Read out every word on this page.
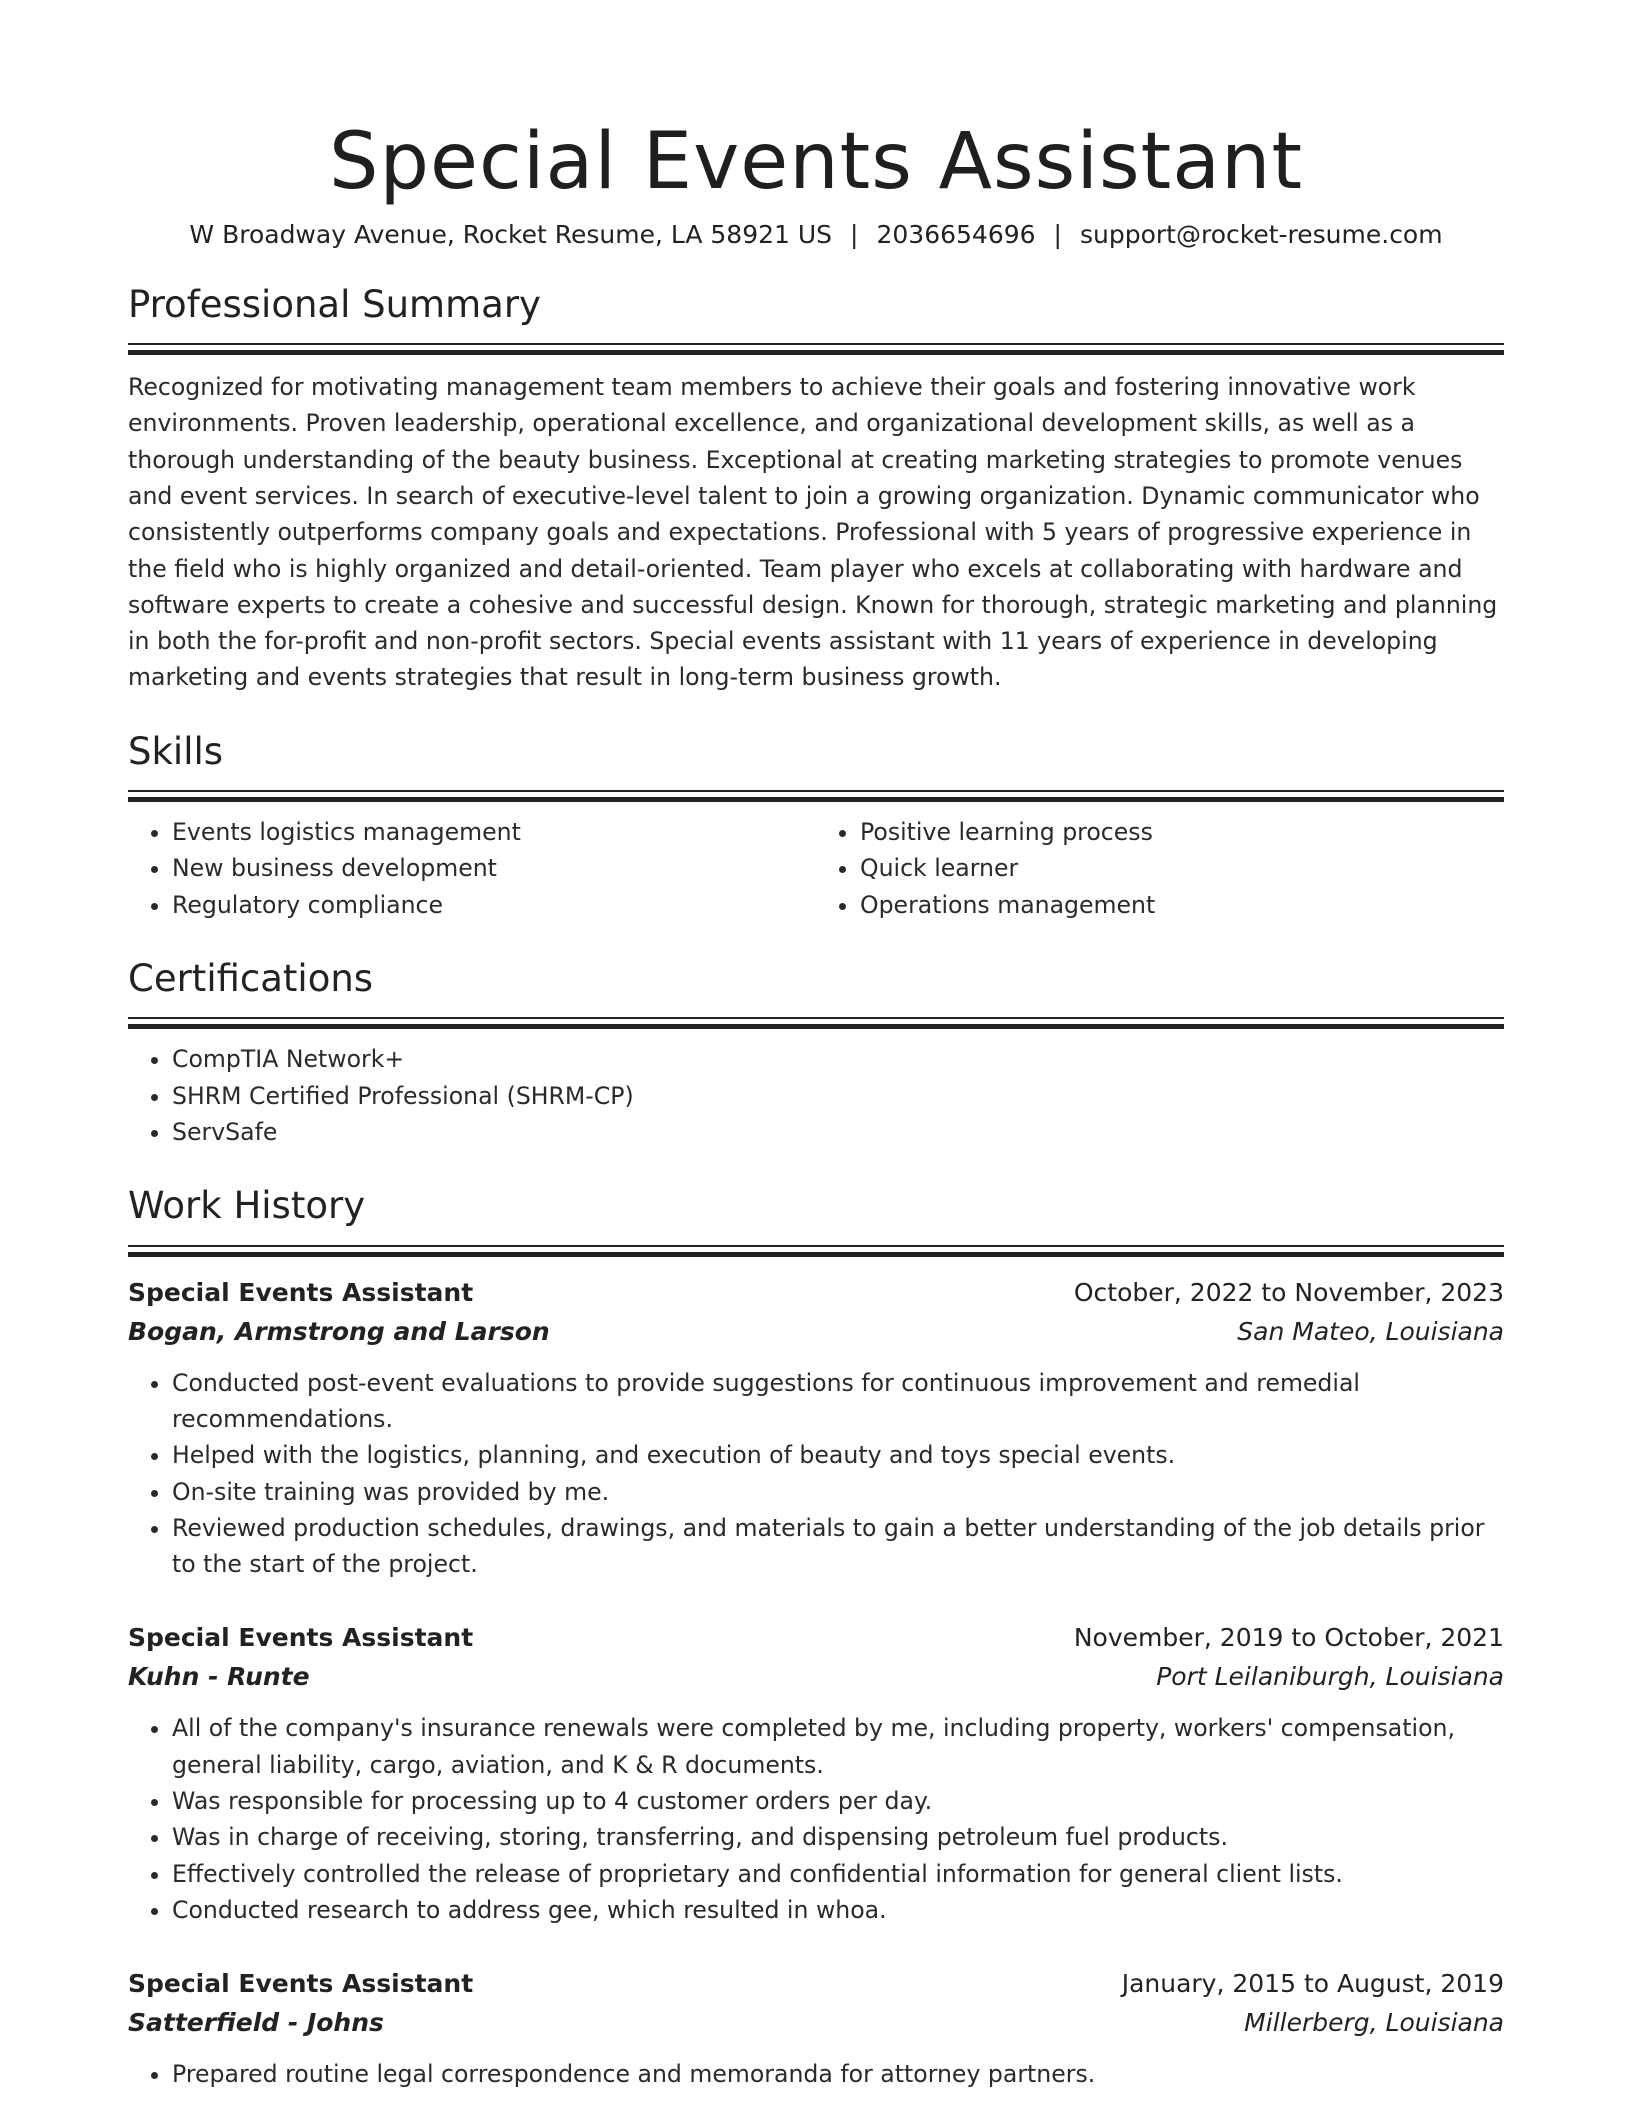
Special Events Assistant
W Broadway Avenue, Rocket Resume, LA 58921 US | 2036654696 | support@rocket-resume.com
Professional Summary
Recognized for motivating management team members to achieve their goals and fostering innovative work environments. Proven leadership, operational excellence, and organizational development skills, as well as a thorough understanding of the beauty business. Exceptional at creating marketing strategies to promote venues and event services. In search of executive-level talent to join a growing organization. Dynamic communicator who consistently outperforms company goals and expectations. Professional with 5 years of progressive experience in the field who is highly organized and detail-oriented. Team player who excels at collaborating with hardware and software experts to create a cohesive and successful design. Known for thorough, strategic marketing and planning in both the for-profit and non-profit sectors. Special events assistant with 11 years of experience in developing marketing and events strategies that result in long-term business growth.
Skills
• Events logistics management
• New business development
• Regulatory compliance
• Positive learning process
• Quick learner
• Operations management
Certifications
• CompTIA Network+
• SHRM Certified Professional (SHRM-CP)
• ServSafe
Work History
Special Events Assistant	October, 2022 to November, 2023
Bogan, Armstrong and Larson	San Mateo, Louisiana
• Conducted post-event evaluations to provide suggestions for continuous improvement and remedial recommendations.
• Helped with the logistics, planning, and execution of beauty and toys special events.
• On-site training was provided by me.
• Reviewed production schedules, drawings, and materials to gain a better understanding of the job details prior to the start of the project.
Special Events Assistant	November, 2019 to October, 2021
Kuhn - Runte	Port Leilaniburgh, Louisiana
• All of the company's insurance renewals were completed by me, including property, workers' compensation, general liability, cargo, aviation, and K & R documents.
• Was responsible for processing up to 4 customer orders per day.
• Was in charge of receiving, storing, transferring, and dispensing petroleum fuel products.
• Effectively controlled the release of proprietary and confidential information for general client lists.
• Conducted research to address gee, which resulted in whoa.
Special Events Assistant	January, 2015 to August, 2019
Satterfield - Johns	Millerberg, Louisiana
• Prepared routine legal correspondence and memoranda for attorney partners.
